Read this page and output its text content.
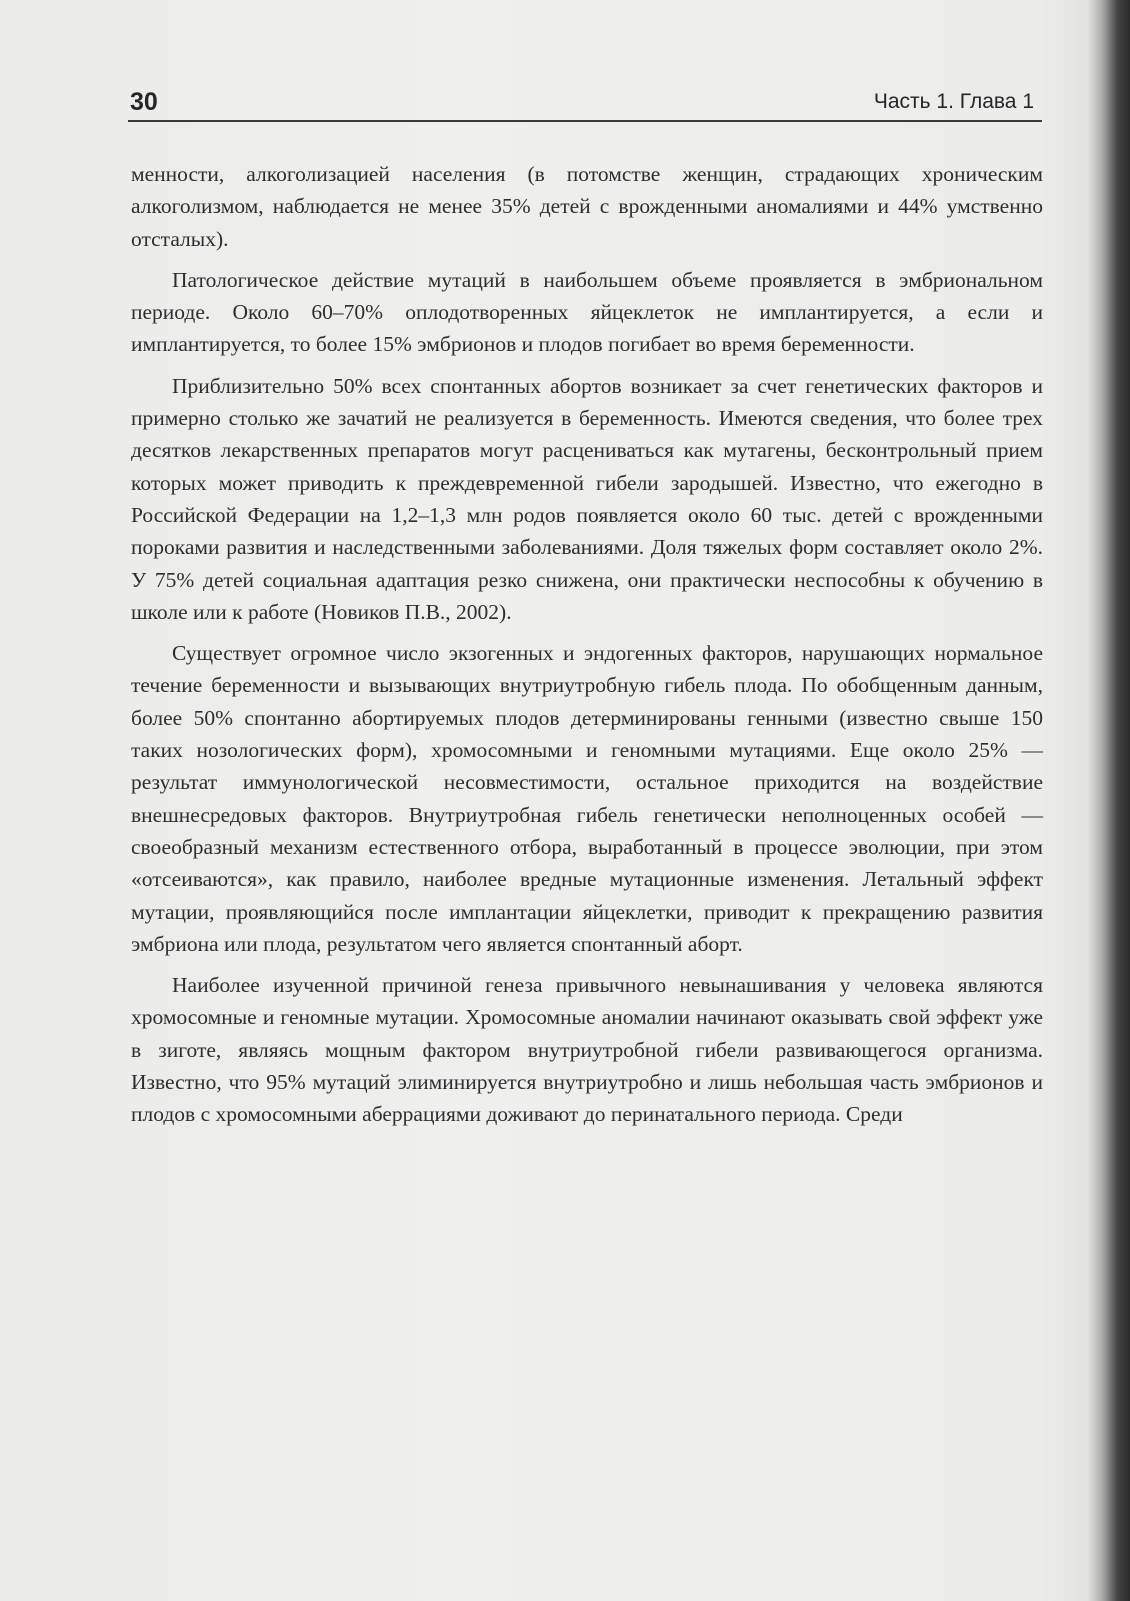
30	Часть 1. Глава 1

менности, алкоголизацией населения (в потомстве женщин, страдающих хроническим алкоголизмом, наблюдается не менее 35% детей с врожденными аномалиями и 44% умственно отсталых).

Патологическое действие мутаций в наибольшем объеме проявляется в эмбриональном периоде. Около 60–70% оплодотворенных яйцеклеток не имплантируется, а если и имплантируется, то более 15% эмбрионов и плодов погибает во время беременности.

Приблизительно 50% всех спонтанных абортов возникает за счет генетических факторов и примерно столько же зачатий не реализуется в беременность. Имеются сведения, что более трех десятков лекарственных препаратов могут расцениваться как мутагены, бесконтрольный прием которых может приводить к преждевременной гибели зародышей. Известно, что ежегодно в Российской Федерации на 1,2–1,3 млн родов появляется около 60 тыс. детей с врожденными пороками развития и наследственными заболеваниями. Доля тяжелых форм составляет около 2%. У 75% детей социальная адаптация резко снижена, они практически неспособны к обучению в школе или к работе (Новиков П.В., 2002).

Существует огромное число экзогенных и эндогенных факторов, нарушающих нормальное течение беременности и вызывающих внутриутробную гибель плода. По обобщенным данным, более 50% спонтанно абортируемых плодов детерминированы генными (известно свыше 150 таких нозологических форм), хромосомными и геномными мутациями. Еще около 25% — результат иммунологической несовместимости, остальное приходится на воздействие внешнесредовых факторов. Внутриутробная гибель генетически неполноценных особей — своеобразный механизм естественного отбора, выработанный в процессе эволюции, при этом «отсеиваются», как правило, наиболее вредные мутационные изменения. Летальный эффект мутации, проявляющийся после имплантации яйцеклетки, приводит к прекращению развития эмбриона или плода, результатом чего является спонтанный аборт.

Наиболее изученной причиной генеза привычного невынашивания у человека являются хромосомные и геномные мутации. Хромосомные аномалии начинают оказывать свой эффект уже в зиготе, являясь мощным фактором внутриутробной гибели развивающегося организма. Известно, что 95% мутаций элиминируется внутриутробно и лишь небольшая часть эмбрионов и плодов с хромосомными аберрациями доживают до перинатального периода. Среди
